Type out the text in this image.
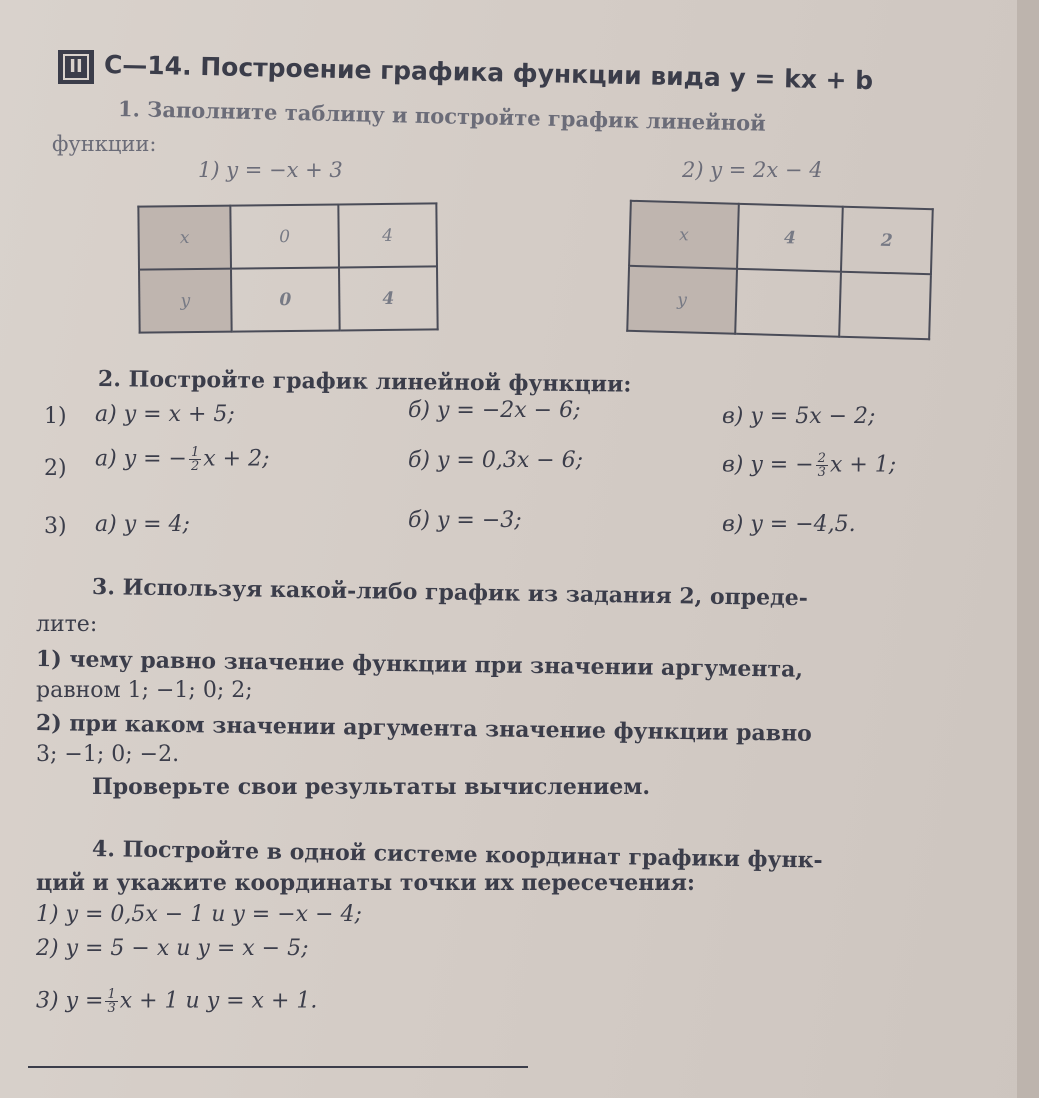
II С—14. Построение графика функции вида y = kx + b
1. Заполните таблицу и постройте график линейной
функции:
1) y = −x + 3	2) y = 2x − 4
x	0	4
y	0	4
x	4	2
y		
2. Постройте график линейной функции:
1) а) y = x + 5;	б) y = −2x − 6;	в) y = 5x − 2;
2) а) y = − $\frac{1}{2}$ x + 2;	б) y = 0,3x − 6;	в) y = − $\frac{2}{3}$ x + 1;
3) а) y = 4;	б) y = −3;	в) y = −4,5.
3. Используя какой-либо график из задания 2, опреде-
лите:
1) чему равно значение функции при значении аргумента,
равном 1; −1; 0; 2;
2) при каком значении аргумента значение функции равно
3; −1; 0; −2.
Проверьте свои результаты вычислением.
4. Постройте в одной системе координат графики функ-
ций и укажите координаты точки их пересечения:
1) y = 0,5x − 1 и y = −x − 4;
2) y = 5 − x и y = x − 5;
3) $y = \frac{1}{3}$ x + 1 и y = x + 1.
